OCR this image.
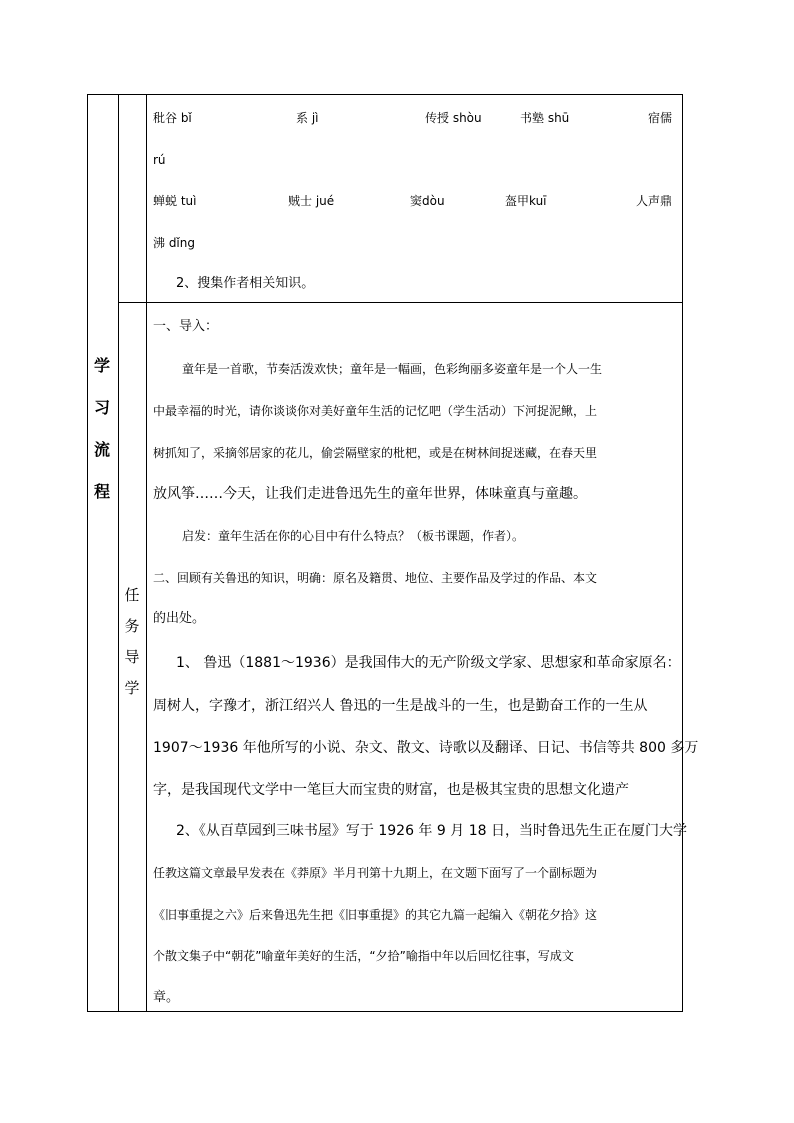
学
习
流
程
任
务
导
学
秕谷 bǐ	系 jì	传授 shòu	书塾 shū	宿儒
rú
蝉蜕 tuì	贼士 jué	窦dòu	盔甲kuī	人声鼎
沸 dǐng
2、搜集作者相关知识。
一、导入：
童年是一首歌，节奏活泼欢快；童年是一幅画，色彩绚丽多姿童年是一个人一生
中最幸福的时光，请你谈谈你对美好童年生活的记忆吧（学生活动）下河捉泥鳅，上
树抓知了，采摘邻居家的花儿，偷尝隔壁家的枇杷，或是在树林间捉迷藏，在春天里
放风筝……今天，让我们走进鲁迅先生的童年世界，体味童真与童趣。
启发：童年生活在你的心目中有什么特点？（板书课题，作者）。
二、回顾有关鲁迅的知识，明确：原名及籍贯、地位、主要作品及学过的作品、本文
的出处。
1、 鲁迅（1881～1936）是我国伟大的无产阶级文学家、思想家和革命家原名：
周树人，字豫才，浙江绍兴人 鲁迅的一生是战斗的一生，也是勤奋工作的一生从
1907～1936 年他所写的小说、杂文、散文、诗歌以及翻译、日记、书信等共 800 多万
字，是我国现代文学中一笔巨大而宝贵的财富，也是极其宝贵的思想文化遗产
2、《从百草园到三味书屋》写于 1926 年 9 月 18 日，当时鲁迅先生正在厦门大学
任教这篇文章最早发表在《莽原》半月刊第十九期上，在文题下面写了一个副标题为
《旧事重提之六》后来鲁迅先生把《旧事重提》的其它九篇一起编入《朝花夕拾》这
个散文集子中“朝花”喻童年美好的生活，“夕拾”喻指中年以后回忆往事，写成文
章。
